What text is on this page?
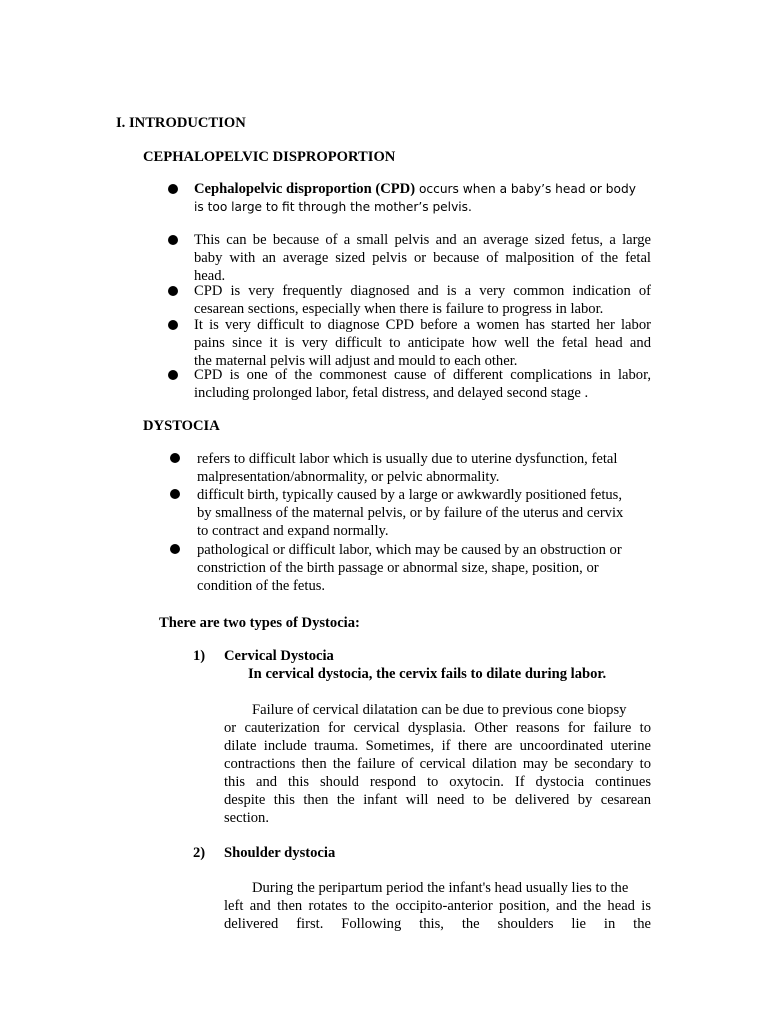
I. INTRODUCTION
CEPHALOPELVIC DISPROPORTION
Cephalopelvic disproportion (CPD) occurs when a baby’s head or body
is too large to fit through the mother’s pelvis.
This can be because of a small pelvis and an average sized fetus, a large
baby with an average sized pelvis or because of malposition of the fetal
head.
CPD is very frequently diagnosed and is a very common indication of
cesarean sections, especially when there is failure to progress in labor.
It is very difficult to diagnose CPD before a women has started her labor
pains since it is very difficult to anticipate how well the fetal head and
the maternal pelvis will adjust and mould to each other.
CPD is one of the commonest cause of different complications in labor,
including prolonged labor, fetal distress, and delayed second stage .
DYSTOCIA
refers to difficult labor which is usually due to uterine dysfunction, fetal
malpresentation/abnormality, or pelvic abnormality.
difficult birth, typically caused by a large or awkwardly positioned fetus,
by smallness of the maternal pelvis, or by failure of the uterus and cervix
to contract and expand normally.
pathological or difficult labor, which may be caused by an obstruction or
constriction of the birth passage or abnormal size, shape, position, or
condition of the fetus.
There are two types of Dystocia:
1) Cervical Dystocia
In cervical dystocia, the cervix fails to dilate during labor.
Failure of cervical dilatation can be due to previous cone biopsy
or cauterization for cervical dysplasia. Other reasons for failure to
dilate include trauma. Sometimes, if there are uncoordinated uterine
contractions then the failure of cervical dilation may be secondary to
this and this should respond to oxytocin. If dystocia continues
despite this then the infant will need to be delivered by cesarean
section.
2) Shoulder dystocia
During the peripartum period the infant's head usually lies to the
left and then rotates to the occipito-anterior position, and the head is
delivered first. Following this, the shoulders lie in the
